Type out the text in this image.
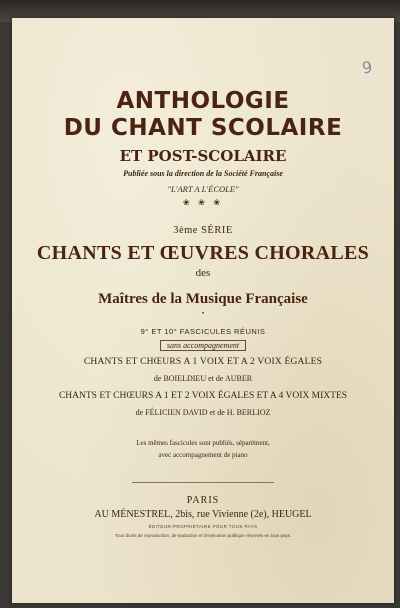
9
ANTHOLOGIE
DU CHANT SCOLAIRE
ET POST-SCOLAIRE
Publiée sous la direction de la Société Française
"L'ART A L'ÉCOLE"
❀ ❀ ❀
3ème SÉRIE
CHANTS ET ŒUVRES CHORALES
des
Maîtres de la Musique Française
•
9° ET 10° FASCICULES RÉUNIS
sans accompagnement
CHANTS ET CHŒURS A 1 VOIX ET A 2 VOIX ÉGALES
de BOIELDIEU et de AUBER
CHANTS ET CHŒURS A 1 ET 2 VOIX ÉGALES ET A 4 VOIX MIXTES
de FÉLICIEN DAVID et de H. BERLIOZ
Les mêmes fascicules sont publiés, séparément,
avec accompagnement de piano
PARIS
AU MÉNESTREL, 2bis, rue Vivienne (2e), HEUGEL
ÉDITEUR-PROPRIÉTAIRE POUR TOUS PAYS
Tous droits de reproduction, de traduction et d'exécution publique réservés en tous pays.
